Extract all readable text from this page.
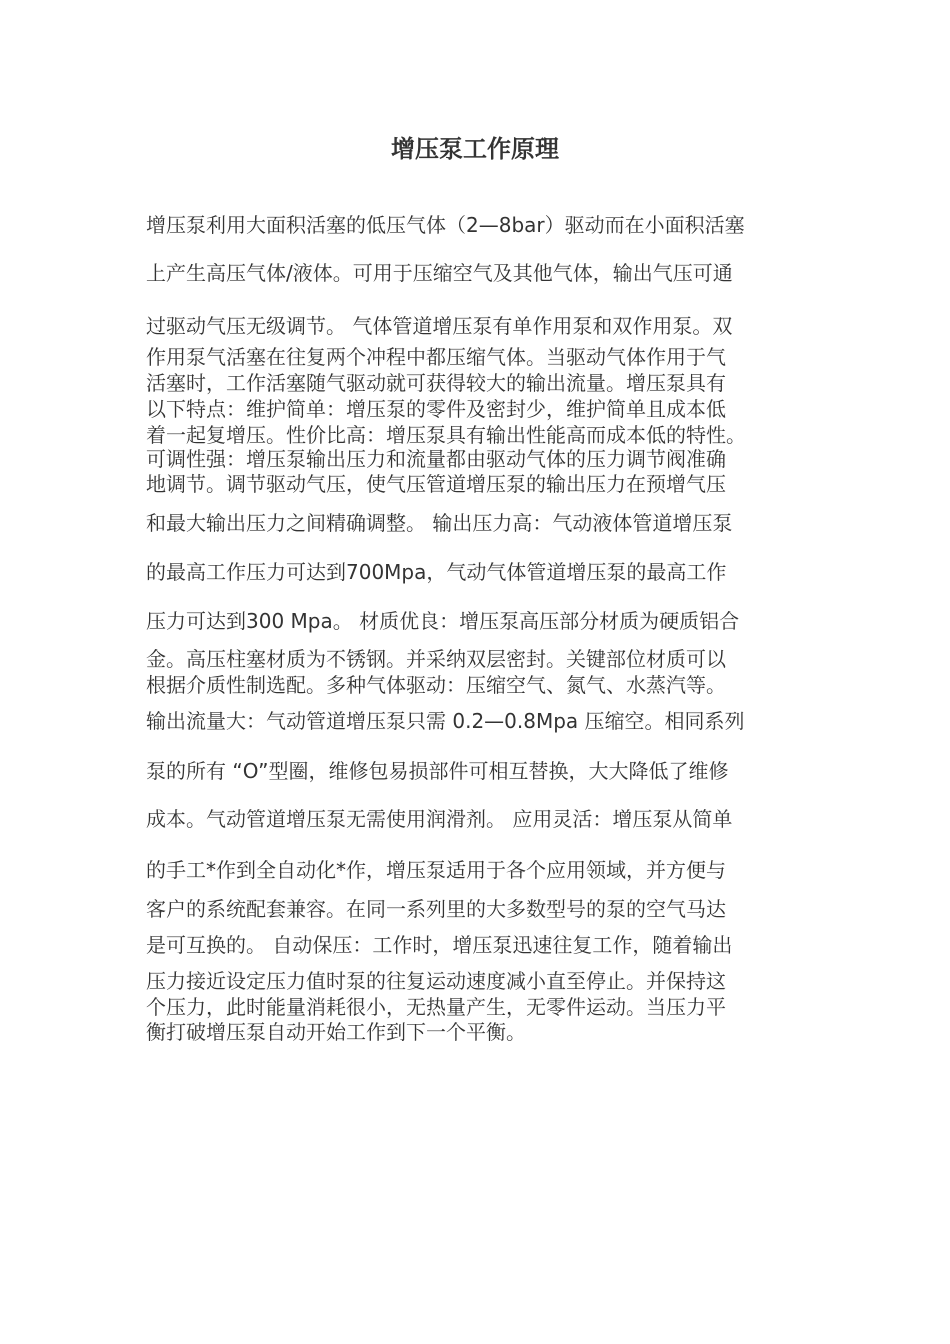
增压泵工作原理

增压泵利用大面积活塞的低压气体（2—8bar）驱动而在小面积活塞

上产生高压气体/液体。可用于压缩空气及其他气体，输出气压可通

过驱动气压无级调节。 气体管道增压泵有单作用泵和双作用泵。双

作用泵气活塞在往复两个冲程中都压缩气体。当驱动气体作用于气

活塞时，工作活塞随气驱动就可获得较大的输出流量。增压泵具有

以下特点：维护简单：增压泵的零件及密封少，维护简单且成本低

着一起复增压。性价比高：增压泵具有输出性能高而成本低的特性。

可调性强：增压泵输出压力和流量都由驱动气体的压力调节阀准确

地调节。调节驱动气压，使气压管道增压泵的输出压力在预增气压

和最大输出压力之间精确调整。 输出压力高：气动液体管道增压泵

的最高工作压力可达到700Mpa，气动气体管道增压泵的最高工作

压力可达到300 Mpa。 材质优良：增压泵高压部分材质为硬质铝合

金。高压柱塞材质为不锈钢。并采纳双层密封。关键部位材质可以

根据介质性制选配。多种气体驱动：压缩空气、氮气、水蒸汽等。

输出流量大：气动管道增压泵只需 0.2—0.8Mpa 压缩空。相同系列

泵的所有 “O”型圈，维修包易损部件可相互替换，大大降低了维修

成本。气动管道增压泵无需使用润滑剂。 应用灵活：增压泵从简单

的手工*作到全自动化*作，增压泵适用于各个应用领域，并方便与

客户的系统配套兼容。在同一系列里的大多数型号的泵的空气马达

是可互换的。 自动保压：工作时，增压泵迅速往复工作，随着输出

压力接近设定压力值时泵的往复运动速度减小直至停止。并保持这

个压力，此时能量消耗很小，无热量产生，无零件运动。当压力平

衡打破增压泵自动开始工作到下一个平衡。
